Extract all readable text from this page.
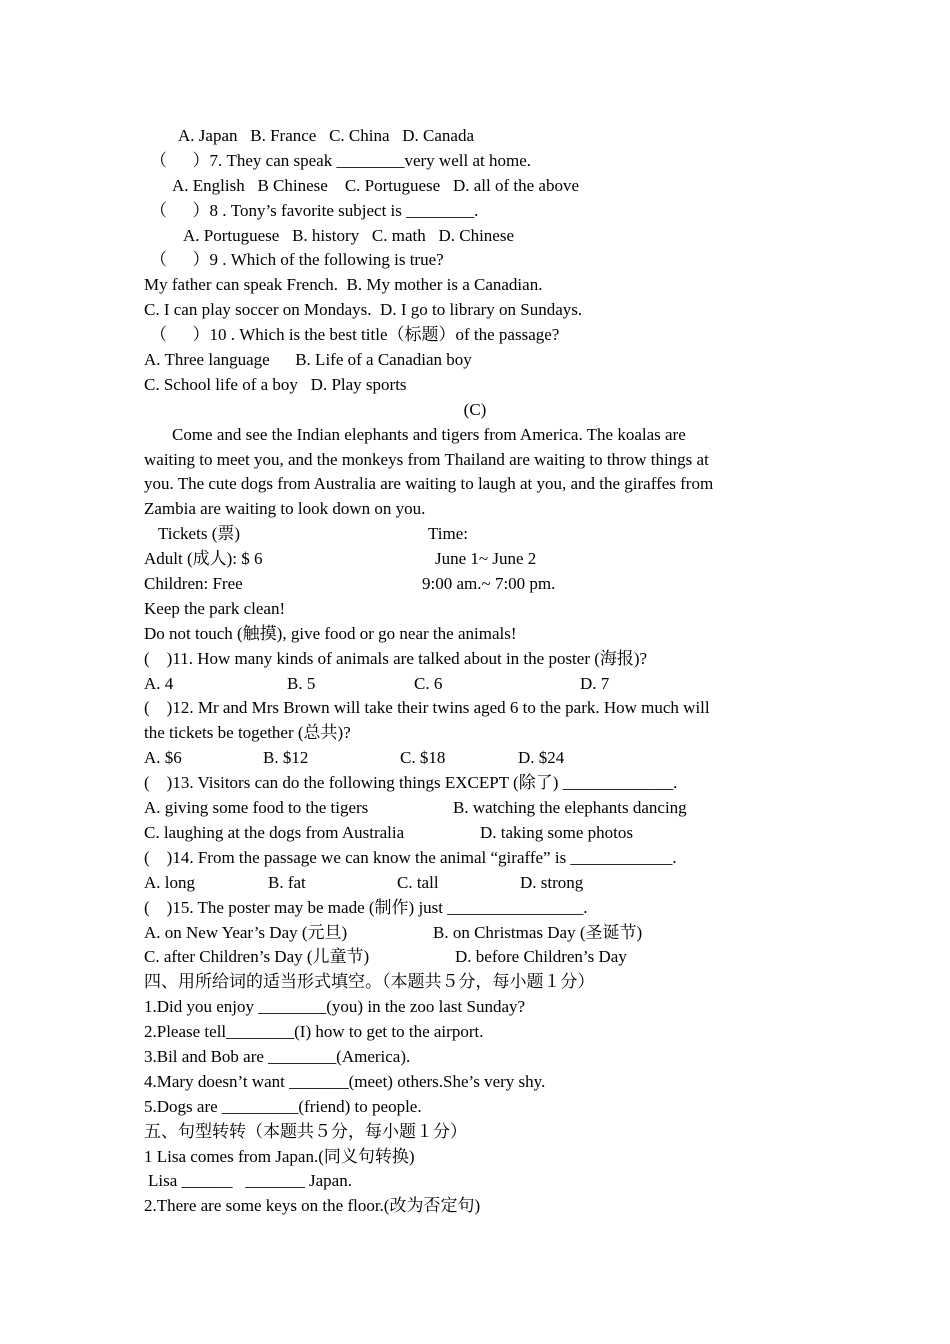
A. Japan   B. France   C. China   D. Canada
（      ）7. They can speak ________very well at home.
A. English   B Chinese    C. Portuguese   D. all of the above
（      ）8 . Tony’s favorite subject is ________.
A. Portuguese   B. history   C. math   D. Chinese
（      ）9 . Which of the following is true?
My father can speak French.  B. My mother is a Canadian.
C. I can play soccer on Mondays.  D. I go to library on Sundays.
（      ）10 . Which is the best title（标题）of the passage?
A. Three language      B. Life of a Canadian boy
C. School life of a boy   D. Play sports
(C)
Come and see the Indian elephants and tigers from America. The koalas are
waiting to meet you, and the monkeys from Thailand are waiting to throw things at
you. The cute dogs from Australia are waiting to laugh at you, and the giraffes from
Zambia are waiting to look down on you.
Tickets (票)	Time:
Adult (成人): $ 6	June 1~ June 2
Children: Free	9:00 am.~ 7:00 pm.
Keep the park clean!
Do not touch (触摸), give food or go near the animals!
(    )11. How many kinds of animals are talked about in the poster (海报)?
A. 4	B. 5	C. 6	D. 7
(    )12. Mr and Mrs Brown will take their twins aged 6 to the park. How much will
the tickets be together (总共)?
A. $6	B. $12	C. $18	D. $24
(    )13. Visitors can do the following things EXCEPT (除了) _____________.
A. giving some food to the tigers	B. watching the elephants dancing
C. laughing at the dogs from Australia	D. taking some photos
(    )14. From the passage we can know the animal “giraffe” is ____________.
A. long	B. fat	C. tall	D. strong
(    )15. The poster may be made (制作) just ________________.
A. on New Year’s Day (元旦)	B. on Christmas Day (圣诞节)
C. after Children’s Day (儿童节)	D. before Children’s Day
四、用所给词的适当形式填空。（本题共５分，每小题１分）
1.Did you enjoy ________(you) in the zoo last Sunday?
2.Please tell________(I) how to get to the airport.
3.Bil and Bob are ________(America).
4.Mary doesn’t want _______(meet) others.She’s very shy.
5.Dogs are _________(friend) to people.
五、句型转转（本题共５分，每小题１分）
1 Lisa comes from Japan.(同义句转换)
Lisa ______   _______ Japan.
2.There are some keys on the floor.(改为否定句)
